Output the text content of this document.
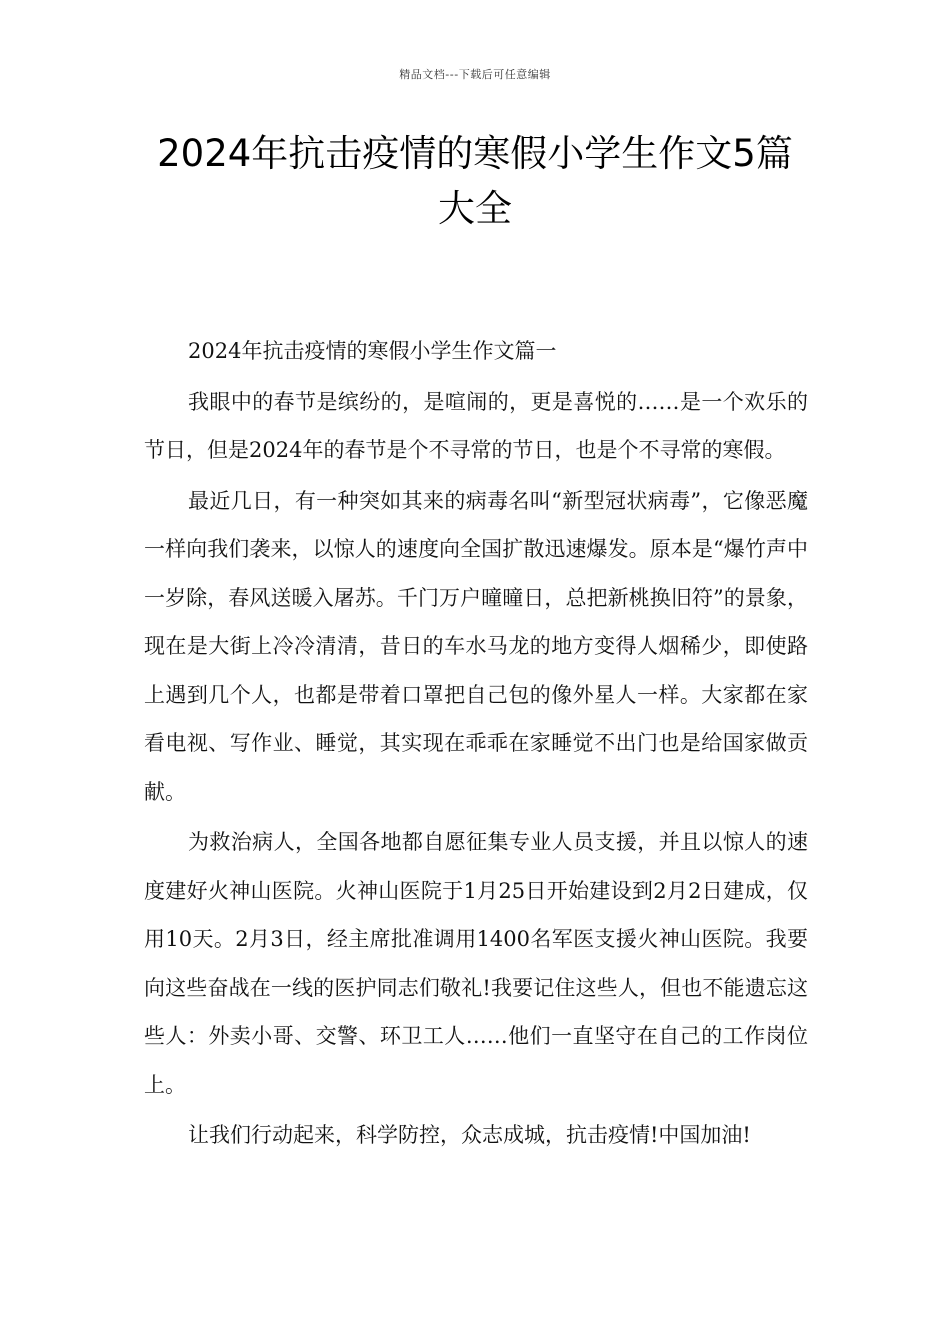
精品文档---下载后可任意编辑
2024年抗击疫情的寒假小学生作文5篇
大全

2024年抗击疫情的寒假小学生作文篇一

我眼中的春节是缤纷的，是喧闹的，更是喜悦的……是一个欢乐的节日，但是2024年的春节是个不寻常的节日，也是个不寻常的寒假。

最近几日，有一种突如其来的病毒名叫“新型冠状病毒”，它像恶魔一样向我们袭来，以惊人的速度向全国扩散迅速爆发。原本是“爆竹声中一岁除，春风送暖入屠苏。千门万户曈曈日，总把新桃换旧符”的景象，现在是大街上冷冷清清，昔日的车水马龙的地方变得人烟稀少，即使路上遇到几个人，也都是带着口罩把自己包的像外星人一样。大家都在家看电视、写作业、睡觉，其实现在乖乖在家睡觉不出门也是给国家做贡献。

为救治病人，全国各地都自愿征集专业人员支援，并且以惊人的速度建好火神山医院。火神山医院于1月25日开始建设到2月2日建成，仅用10天。2月3日，经主席批准调用1400名军医支援火神山医院。我要向这些奋战在一线的医护同志们敬礼!我要记住这些人，但也不能遗忘这些人：外卖小哥、交警、环卫工人……他们一直坚守在自己的工作岗位上。

让我们行动起来，科学防控，众志成城，抗击疫情!中国加油!
